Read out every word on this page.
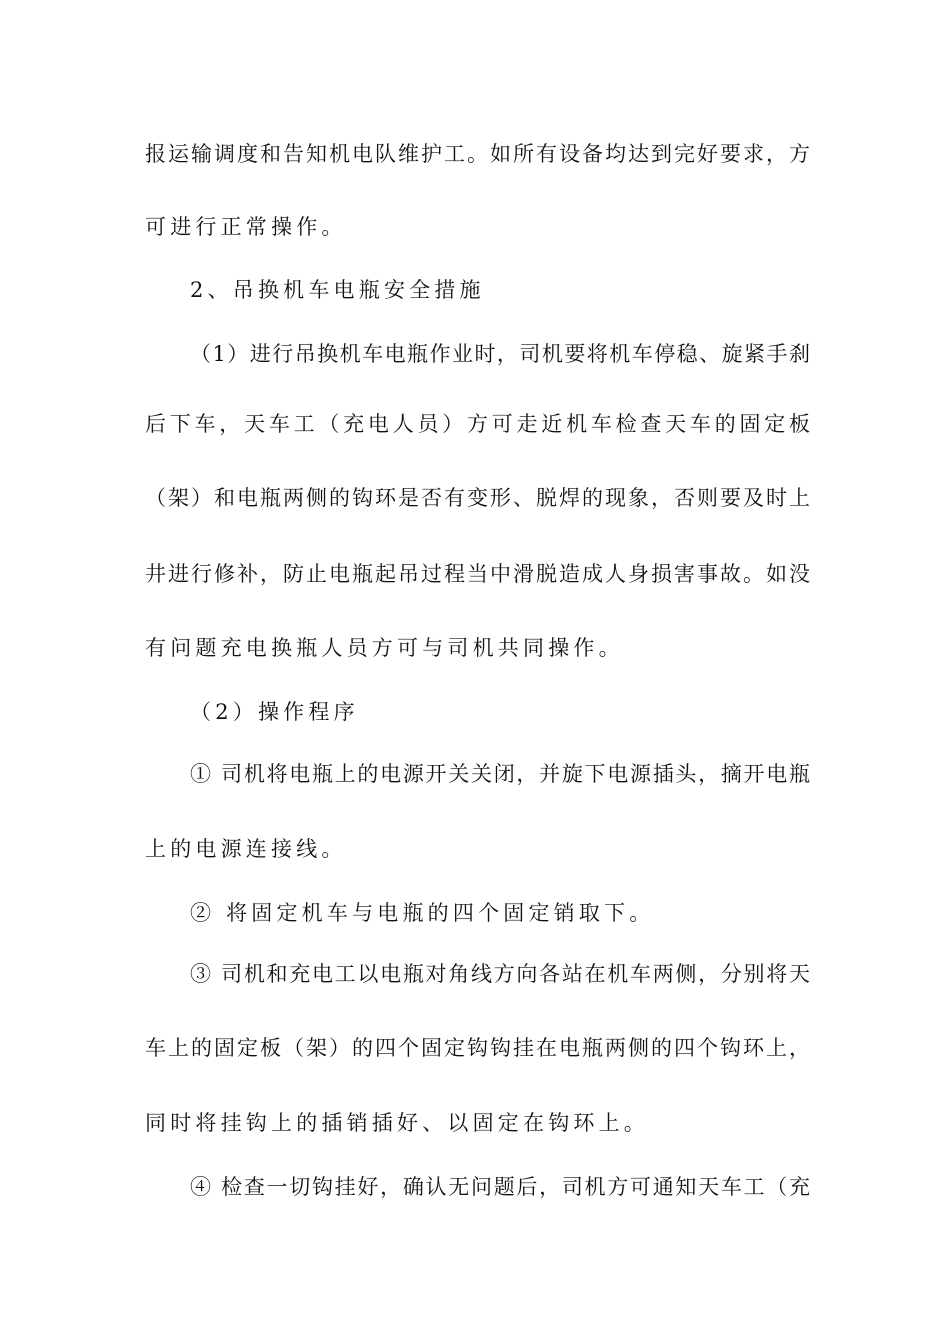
报运输调度和告知机电队维护工。如所有设备均达到完好要求，方
可进行正常操作。
2、吊换机车电瓶安全措施
（1）进行吊换机车电瓶作业时，司机要将机车停稳、旋紧手刹
后下车，天车工（充电人员）方可走近机车检查天车的固定板
（架）和电瓶两侧的钩环是否有变形、脱焊的现象，否则要及时上
井进行修补，防止电瓶起吊过程当中滑脱造成人身损害事故。如没
有问题充电换瓶人员方可与司机共同操作。
（2）操作程序
① 司机将电瓶上的电源开关关闭，并旋下电源插头，摘开电瓶
上的电源连接线。
② 将固定机车与电瓶的四个固定销取下。
③ 司机和充电工以电瓶对角线方向各站在机车两侧，分别将天
车上的固定板（架）的四个固定钩钩挂在电瓶两侧的四个钩环上，
同时将挂钩上的插销插好、以固定在钩环上。
④ 检查一切钩挂好，确认无问题后，司机方可通知天车工（充
